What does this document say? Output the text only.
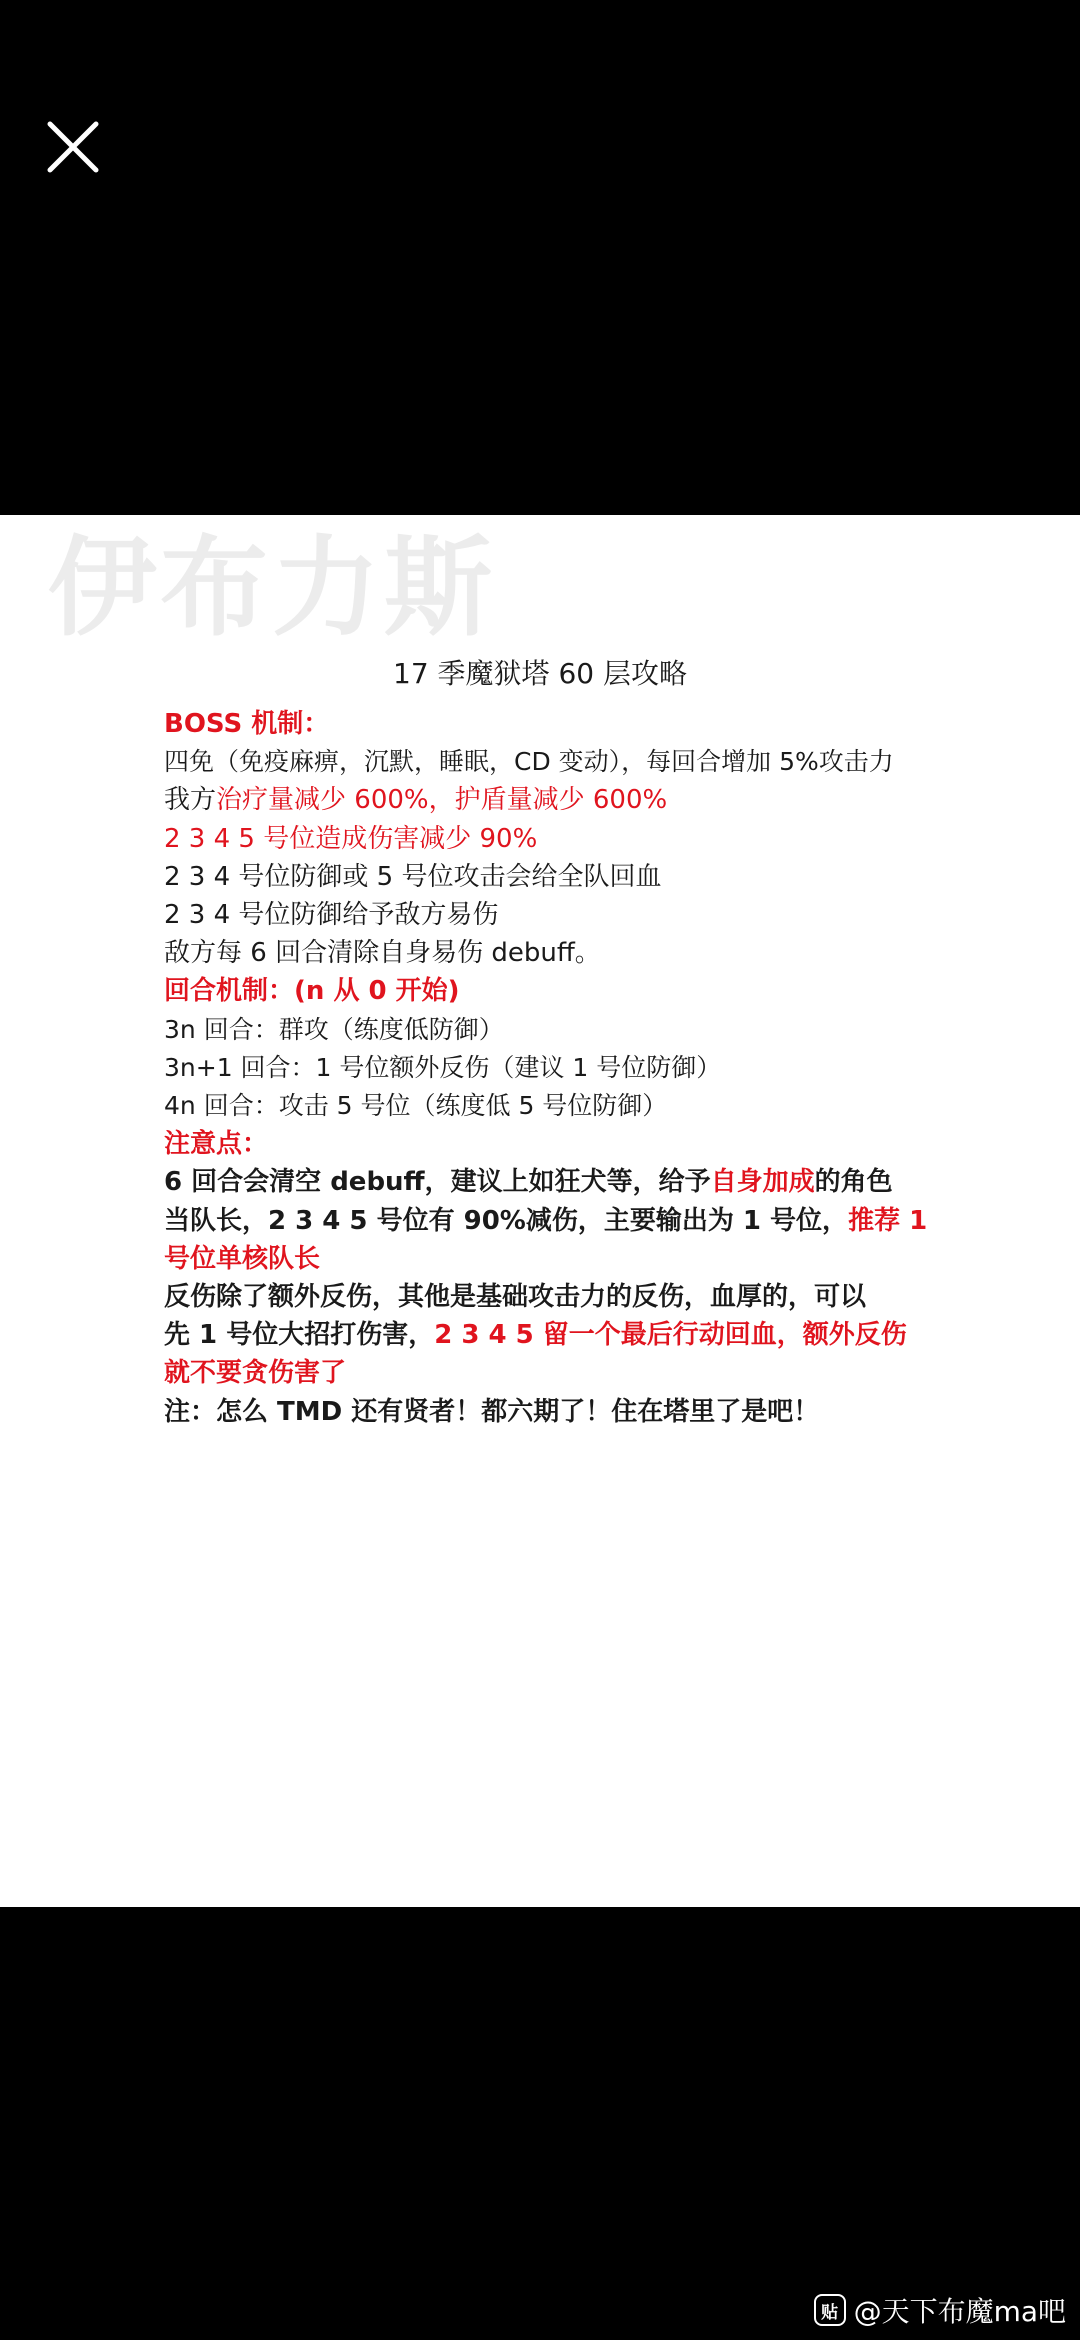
伊布力斯
17 季魔狱塔 60 层攻略
BOSS 机制：
四免（免疫麻痹，沉默，睡眠，CD 变动），每回合增加 5%攻击力
我方治疗量减少 600%，护盾量减少 600%
2 3 4 5 号位造成伤害减少 90%
2 3 4 号位防御或 5 号位攻击会给全队回血
2 3 4 号位防御给予敌方易伤
敌方每 6 回合清除自身易伤 debuff。
回合机制：(n 从 0 开始)
3n 回合：群攻（练度低防御）
3n+1 回合：1 号位额外反伤（建议 1 号位防御）
4n 回合：攻击 5 号位（练度低 5 号位防御）
注意点：
6 回合会清空 debuff，建议上如狂犬等，给予自身加成的角色
当队长，2 3 4 5 号位有 90%减伤，主要输出为 1 号位，推荐 1
号位单核队长
反伤除了额外反伤，其他是基础攻击力的反伤，血厚的，可以
先 1 号位大招打伤害，2 3 4 5 留一个最后行动回血，额外反伤
就不要贪伤害了
注：怎么 TMD 还有贤者！都六期了！住在塔里了是吧！
贴 @天下布魔ma吧
